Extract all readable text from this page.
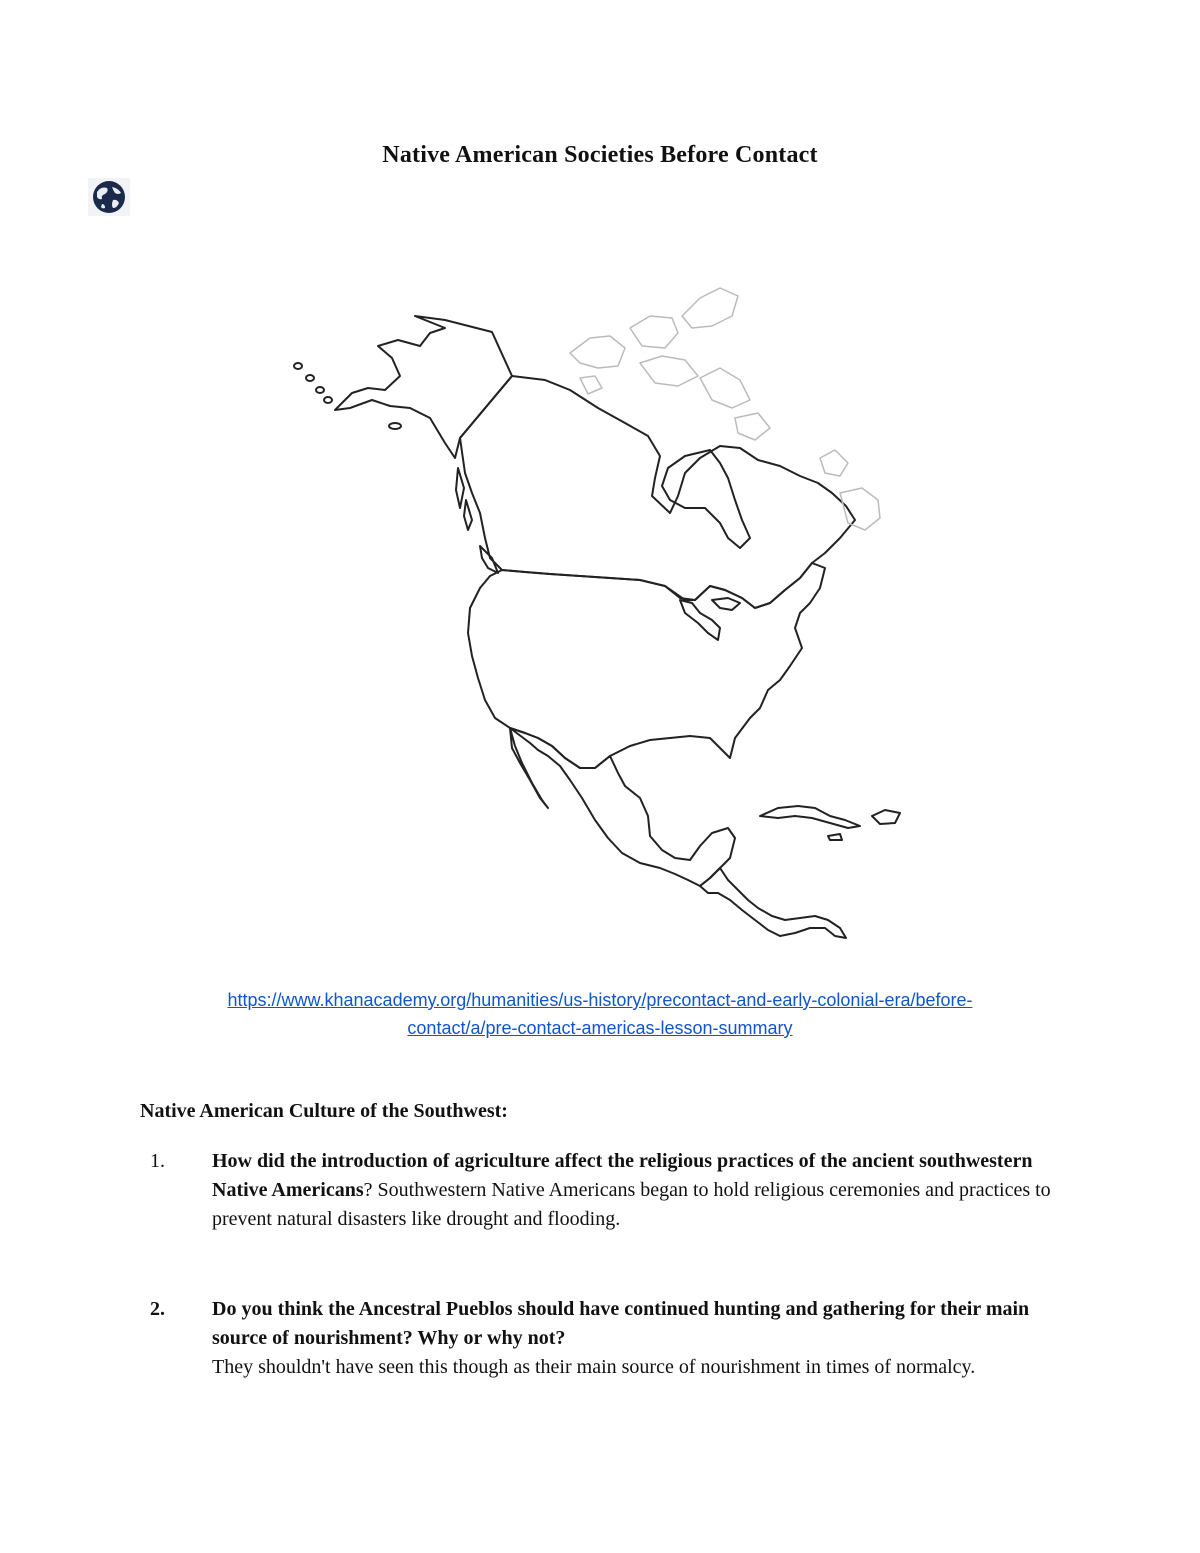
Native American Societies Before Contact
https://www.khanacademy.org/humanities/us-history/precontact-and-early-colonial-era/before-
contact/a/pre-contact-americas-lesson-summary
Native American Culture of the Southwest:
1. How did the introduction of agriculture affect the religious practices of the ancient southwestern Native Americans? Southwestern Native Americans began to hold religious ceremonies and practices to prevent natural disasters like drought and flooding.
2. Do you think the Ancestral Pueblos should have continued hunting and gathering for their main source of nourishment? Why or why not?
They shouldn't have seen this though as their main source of nourishment in times of normalcy.
